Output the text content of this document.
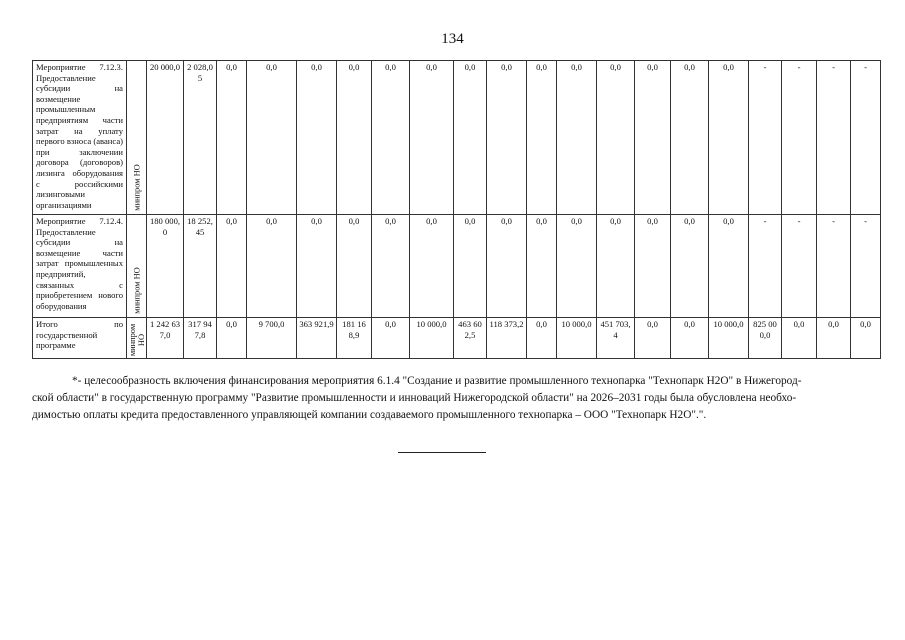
134
Мероприятие 7.12.3. Предоставление субсидии на возмещение промышленным предприятиям части затрат на уплату первого взноса (аванса) при заключении договора (договоров) лизинга оборудования с российскими лизинговыми организациями	минпром НО	20 000,0	2 028,05	0,0	0,0	0,0	0,0	0,0	0,0	0,0	0,0	0,0	0,0	0,0	0,0	0,0	0,0	-	-	-	-
Мероприятие 7.12.4. Предоставление субсидии на возмещение части затрат промышленных предприятий, связанных с приобретением нового оборудования	минпром НО	180 000,0	18 252,45	0,0	0,0	0,0	0,0	0,0	0,0	0,0	0,0	0,0	0,0	0,0	0,0	0,0	0,0	-	-	-	-
Итого по государственной программе	минпром НО	1 242 637,0	317 947,8	0,0	9 700,0	363 921,9	181 168,9	0,0	10 000,0	463 602,5	118 373,2	0,0	10 000,0	451 703,4	0,0	0,0	10 000,0	825 000,0	0,0	0,0	0,0

*- целесообразность включения финансирования мероприятия 6.1.4 "Создание и развитие промышленного технопарка "Технопарк Н2О" в Нижегород-

ской области" в государственную программу "Развитие промышленности и инноваций Нижегородской области" на 2026–2031 годы была обусловлена необхо-

димостью оплаты кредита предоставленного управляющей компании создаваемого промышленного технопарка – ООО "Технопарк Н2О".".
